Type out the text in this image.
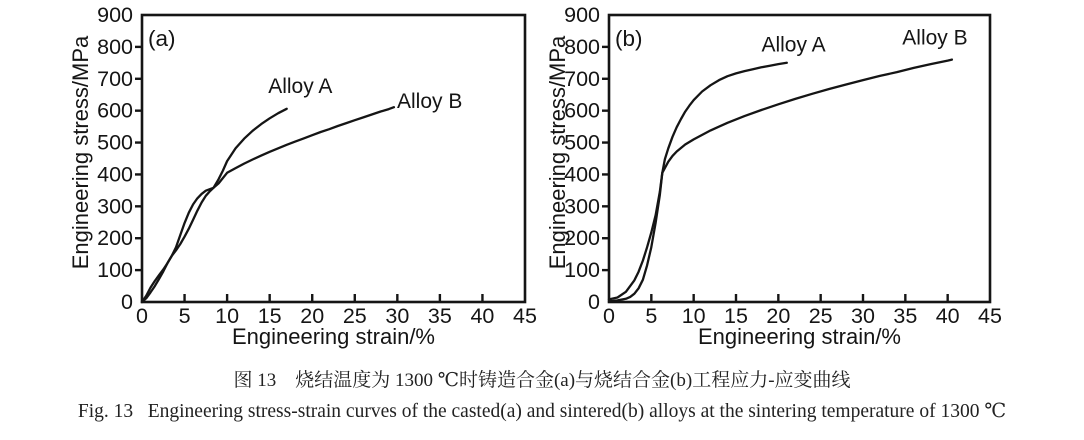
0 5 10 15 20 25 30 35 40 45
0
100
200
300
400
500
600
700
800
900
Engineering strain/%
Engineering stress/MPa (a)
Alloy A
Alloy B
0 5 10 15 20 25 30 35 40 45
0
100
200
300
400
500
600
700
800
900
Engineering strain/%
Engineering stress/MPa (b)	Alloy A	Alloy B
图 13　烧结温度为 1300 ℃时铸造合金(a)与烧结合金(b)工程应力-应变曲线
Fig. 13   Engineering stress-strain curves of the casted(a) and sintered(b) alloys at the sintering temperature of 1300 ℃
